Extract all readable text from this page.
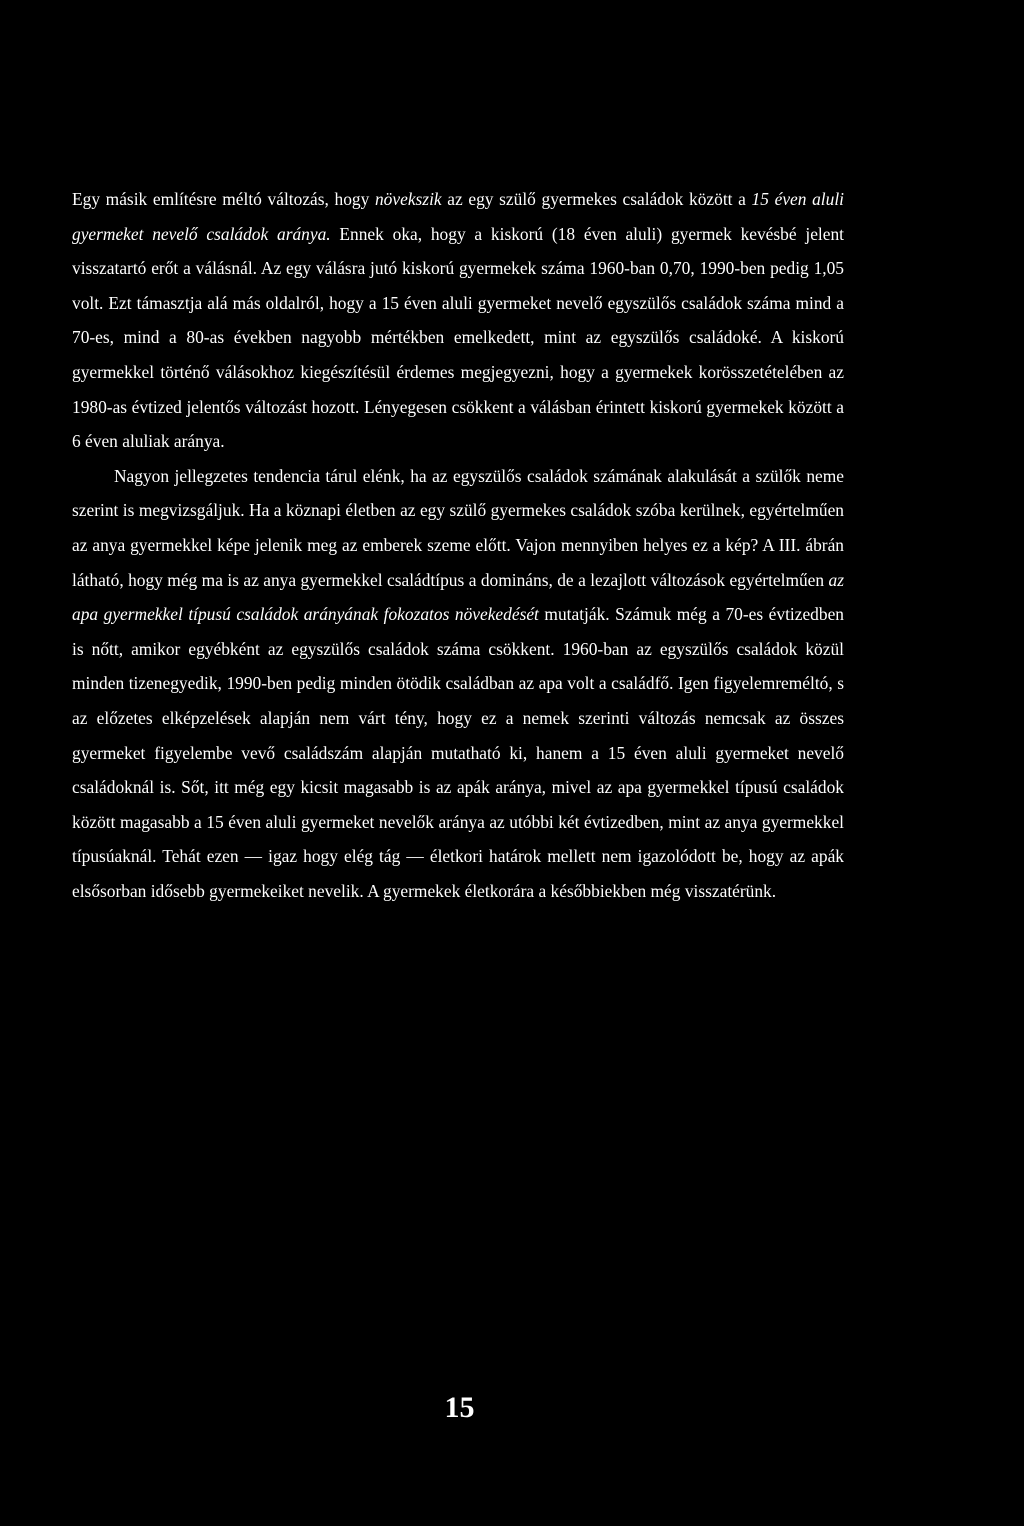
Egy másik említésre méltó változás, hogy növekszik az egy szülő gyermekes családok között a 15 éven aluli gyermeket nevelő családok aránya. Ennek oka, hogy a kiskorú (18 éven aluli) gyermek kevésbé jelent visszatartó erőt a válásnál. Az egy válásra jutó kiskorú gyermekek száma 1960-ban 0,70, 1990-ben pedig 1,05 volt. Ezt támasztja alá más oldalról, hogy a 15 éven aluli gyermeket nevelő egyszülős családok száma mind a 70-es, mind a 80-as években nagyobb mértékben emelkedett, mint az egyszülős családoké. A kiskorú gyermekkel történő válásokhoz kiegészítésül érdemes megjegyezni, hogy a gyermekek korösszetételében az 1980-as évtized jelentős változást hozott. Lényegesen csökkent a válásban érintett kiskorú gyermekek között a 6 éven aluliak aránya.

Nagyon jellegzetes tendencia tárul elénk, ha az egyszülős családok számának alakulását a szülők neme szerint is megvizsgáljuk. Ha a köznapi életben az egy szülő gyermekes családok szóba kerülnek, egyértelműen az anya gyermekkel képe jelenik meg az emberek szeme előtt. Vajon mennyiben helyes ez a kép? A III. ábrán látható, hogy még ma is az anya gyermekkel családtípus a domináns, de a lezajlott változások egyértelműen az apa gyermekkel típusú családok arányának fokozatos növekedését mutatják. Számuk még a 70-es évtizedben is nőtt, amikor egyébként az egyszülős családok száma csökkent. 1960-ban az egyszülős családok közül minden tizenegyedik, 1990-ben pedig minden ötödik családban az apa volt a családfő. Igen figyelemreméltó, s az előzetes elképzelések alapján nem várt tény, hogy ez a nemek szerinti változás nemcsak az összes gyermeket figyelembe vevő családszám alapján mutatható ki, hanem a 15 éven aluli gyermeket nevelő családoknál is. Sőt, itt még egy kicsit magasabb is az apák aránya, mivel az apa gyermekkel típusú családok között magasabb a 15 éven aluli gyermeket nevelők aránya az utóbbi két évtizedben, mint az anya gyermekkel típusúaknál. Tehát ezen — igaz hogy elég tág — életkori határok mellett nem igazolódott be, hogy az apák elsősorban idősebb gyermekeiket nevelik. A gyermekek életkorára a későbbiekben még visszatérünk.

15
